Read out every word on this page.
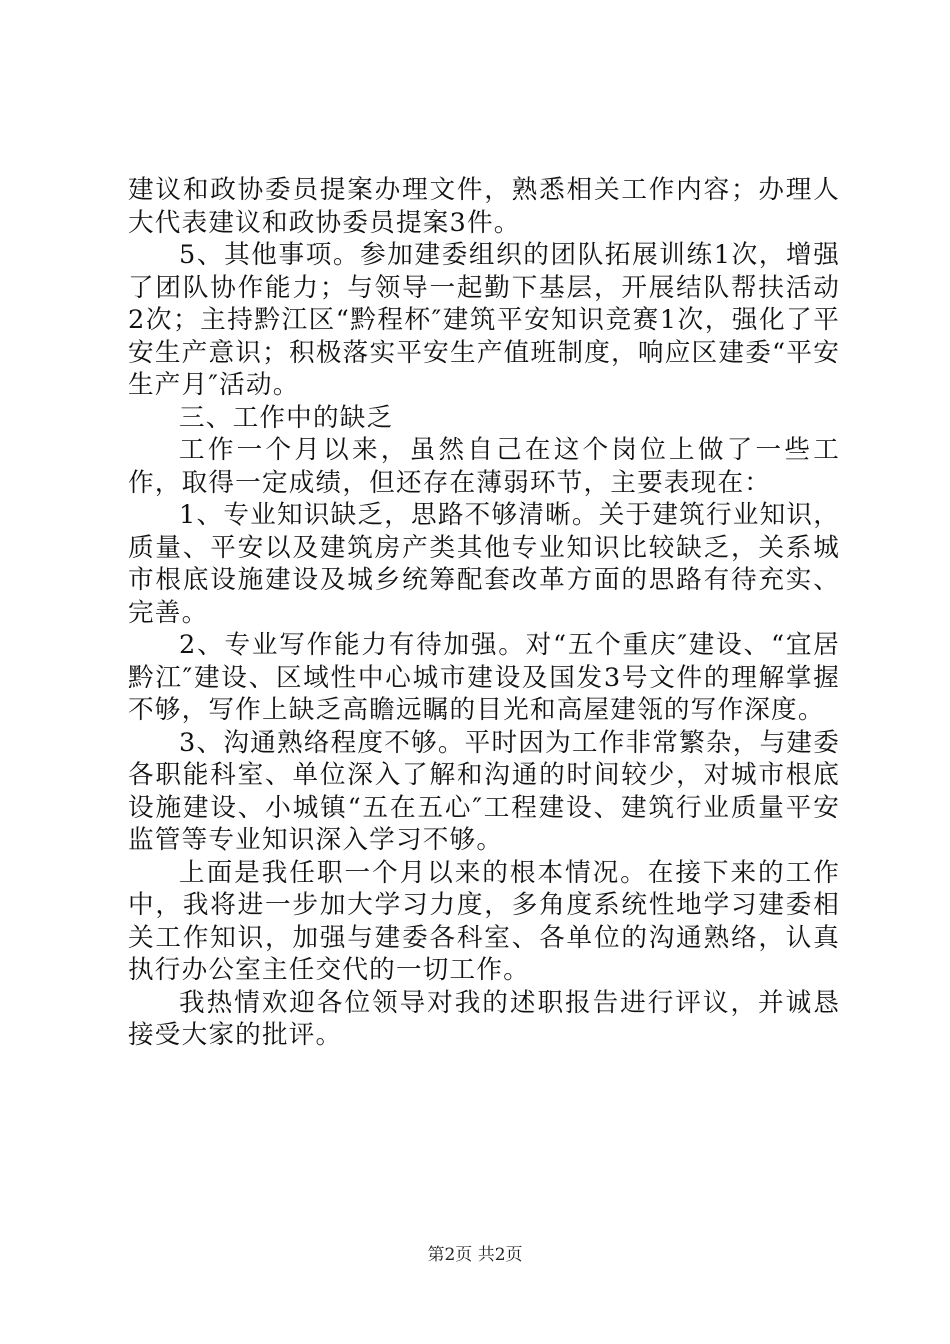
建议和政协委员提案办理文件，熟悉相关工作内容；办理人大代表建议和政协委员提案3件。

5、其他事项。参加建委组织的团队拓展训练1次，增强了团队协作能力；与领导一起勤下基层，开展结队帮扶活动2次；主持黔江区“黔程杯″建筑平安知识竞赛1次，强化了平安生产意识；积极落实平安生产值班制度，响应区建委“平安生产月″活动。

三、工作中的缺乏

工作一个月以来，虽然自己在这个岗位上做了一些工作，取得一定成绩，但还存在薄弱环节，主要表现在：

1、专业知识缺乏，思路不够清晰。关于建筑行业知识，质量、平安以及建筑房产类其他专业知识比较缺乏，关系城市根底设施建设及城乡统筹配套改革方面的思路有待充实、完善。

2、专业写作能力有待加强。对“五个重庆″建设、“宜居黔江″建设、区域性中心城市建设及国发3号文件的理解掌握不够，写作上缺乏高瞻远瞩的目光和高屋建瓴的写作深度。

3、沟通熟络程度不够。平时因为工作非常繁杂，与建委各职能科室、单位深入了解和沟通的时间较少，对城市根底设施建设、小城镇“五在五心″工程建设、建筑行业质量平安监管等专业知识深入学习不够。

上面是我任职一个月以来的根本情况。在接下来的工作中，我将进一步加大学习力度，多角度系统性地学习建委相关工作知识，加强与建委各科室、各单位的沟通熟络，认真执行办公室主任交代的一切工作。

我热情欢迎各位领导对我的述职报告进行评议，并诚恳接受大家的批评。

第2页 共2页
